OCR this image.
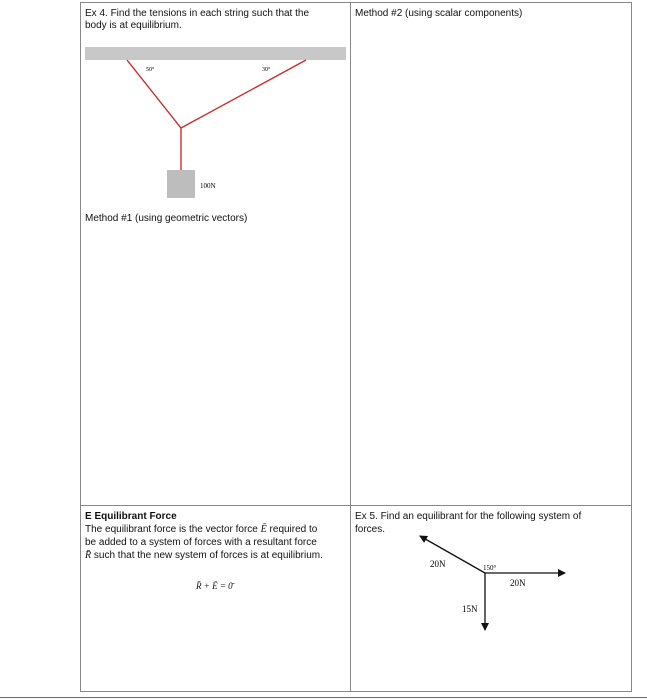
Ex 4. Find the tensions in each string such that the

body is at equilibrium.

50°	30°
100N

Method #1 (using geometric vectors)

Method #2 (using scalar components)

E Equilibrant Force

The equilibrant force is the vector force Ē required to

be added to a system of forces with a resultant force

R̄ such that the new system of forces is at equilibrium.

R̄ + Ē = 0̄

Ex 5. Find an equilibrant for the following system of

forces.

20N
20N
15N
150°
